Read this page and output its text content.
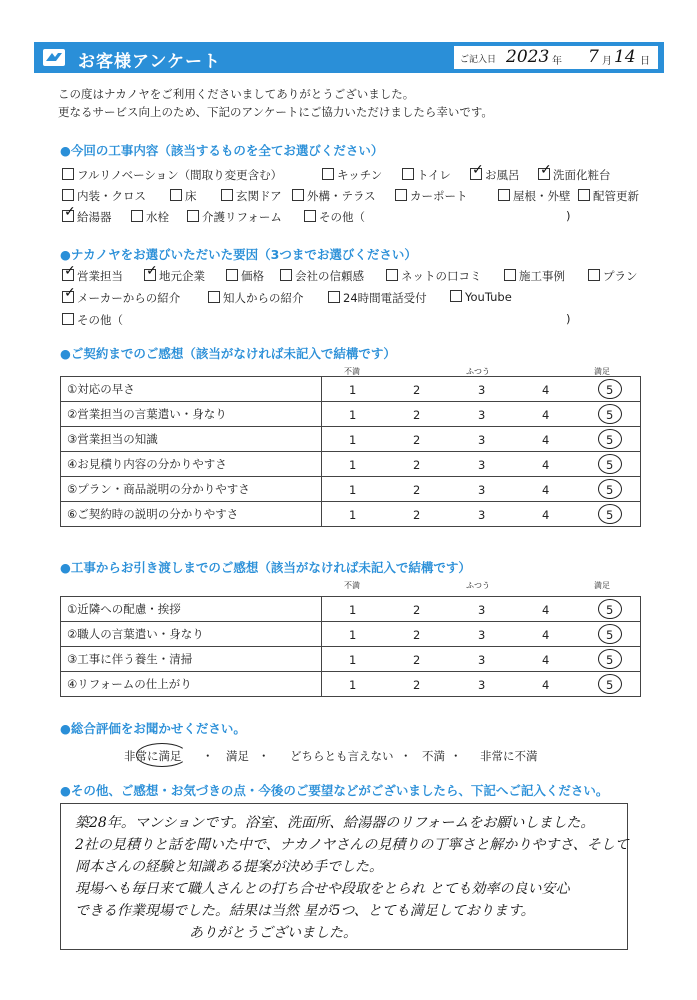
お客様アンケート	ご記入日 2023 年 7 月 14 日
この度はナカノヤをご利用くださいましてありがとうございました。
更なるサービス向上のため、下記のアンケートにご協力いただけましたら幸いです。
●今回の工事内容（該当するものを全てお選びください）
フルリノベーション（間取り変更含む）	キッチン	トイレ ✓ お風呂 ✓ 洗面化粧台
内装・クロス	床	玄関ドア	外構・テラス	カーポート	屋根・外壁	配管更新
✓ 給湯器	水栓	介護リフォーム	その他（	)
●ナカノヤをお選びいただいた要因（3つまでお選びください）
✓ 営業担当 ✓ 地元企業	価格	会社の信頼感	ネットの口コミ	施工事例	プラン
✓ メーカーからの紹介	知人からの紹介	24時間電話受付	YouTube
その他（	)
●ご契約までのご感想（該当がなければ未記入で結構です）
不満	ふつう	満足
①対応の早さ	1 2 3 4 5

②営業担当の言葉遣い・身なり	1 2 3 4 5

③営業担当の知識	1 2 3 4 5

④お見積り内容の分かりやすさ	1 2 3 4 5

⑤プラン・商品説明の分かりやすさ	1 2 3 4 5

⑥ご契約時の説明の分かりやすさ	1 2 3 4 5
●工事からお引き渡しまでのご感想（該当がなければ未記入で結構です）
不満	ふつう	満足
①近隣への配慮・挨拶	1 2 3 4 5

②職人の言葉遣い・身なり	1 2 3 4 5

③工事に伴う養生・清掃	1 2 3 4 5

④リフォームの仕上がり	1 2 3 4 5
●総合評価をお聞かせください。
非常に満足 ・ 満足 ・ どちらとも言えない ・ 不満 ・ 非常に不満
●その他、ご感想・お気づきの点・今後のご要望などがございましたら、下記へご記入ください。
築28年。マンションです。浴室、洗面所、給湯器のリフォームをお願いしました。
2社の見積りと話を聞いた中で、ナカノヤさんの見積りの丁寧さと解かりやすさ、そして
岡本さんの経験と知識ある提案が決め手でした。
現場へも毎日来て職人さんとの打ち合せや段取をとられ とても効率の良い安心
できる作業現場でした。結果は当然 星が5つ、とても満足しております。
ありがとうございました。
